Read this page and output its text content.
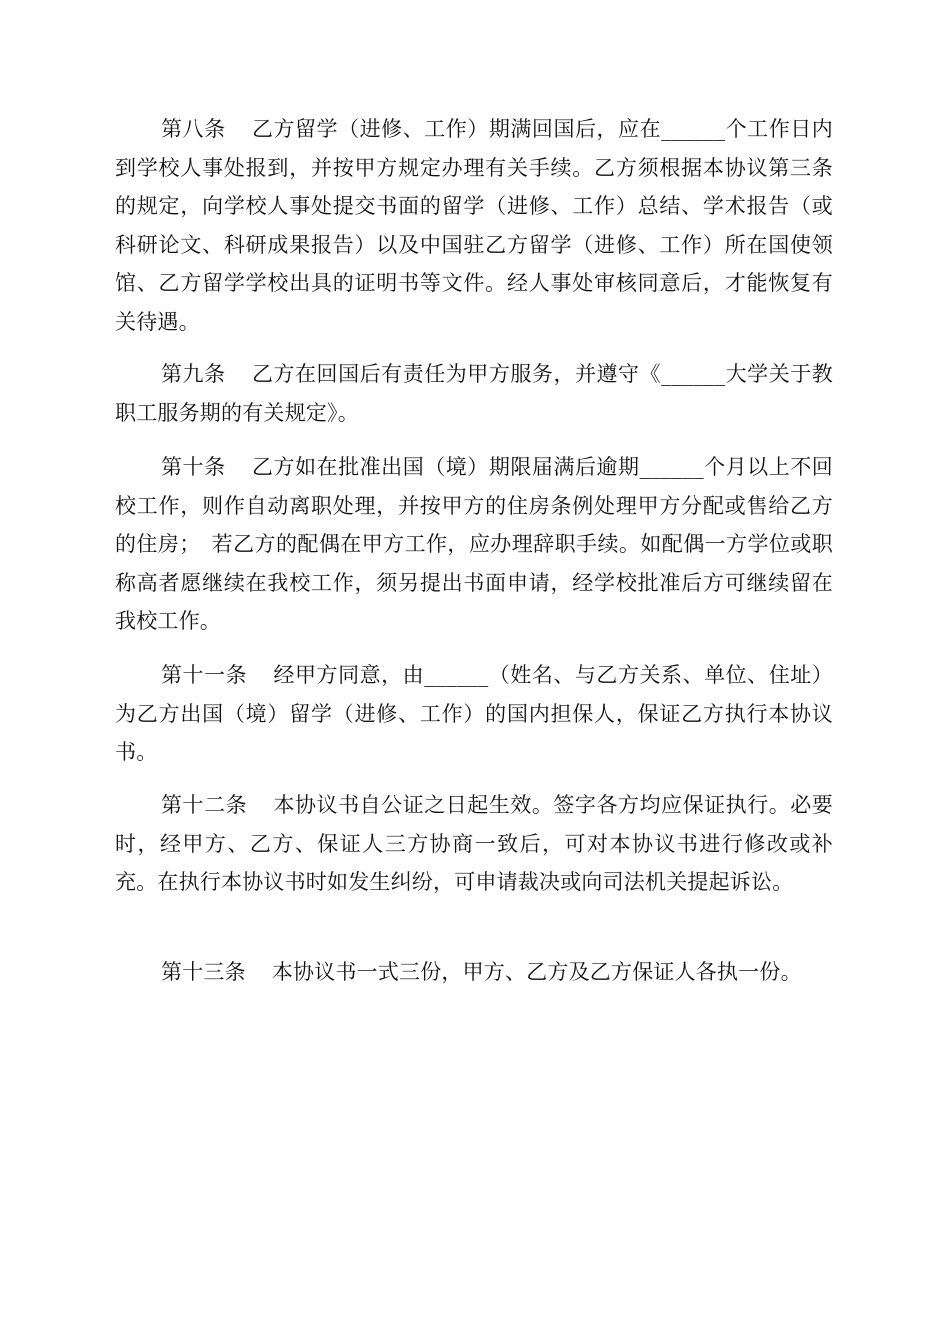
第八条 乙方留学（进修、工作）期满回国后，应在______个工作日内到学校人事处报到，并按甲方规定办理有关手续。乙方须根据本协议第三条的规定，向学校人事处提交书面的留学（进修、工作）总结、学术报告（或科研论文、科研成果报告）以及中国驻乙方留学（进修、工作）所在国使领馆、乙方留学学校出具的证明书等文件。经人事处审核同意后，才能恢复有关待遇。

第九条 乙方在回国后有责任为甲方服务，并遵守《______大学关于教职工服务期的有关规定》。

第十条 乙方如在批准出国（境）期限届满后逾期______个月以上不回校工作，则作自动离职处理，并按甲方的住房条例处理甲方分配或售给乙方的住房；　若乙方的配偶在甲方工作，应办理辞职手续。如配偶一方学位或职称高者愿继续在我校工作，须另提出书面申请，经学校批准后方可继续留在我校工作。

第十一条 经甲方同意，由______（姓名、与乙方关系、单位、住址）为乙方出国（境）留学（进修、工作）的国内担保人，保证乙方执行本协议书。

第十二条 本协议书自公证之日起生效。签字各方均应保证执行。必要时，经甲方、乙方、保证人三方协商一致后，可对本协议书进行修改或补充。在执行本协议书时如发生纠纷，可申请裁决或向司法机关提起诉讼。

第十三条 本协议书一式三份，甲方、乙方及乙方保证人各执一份。
